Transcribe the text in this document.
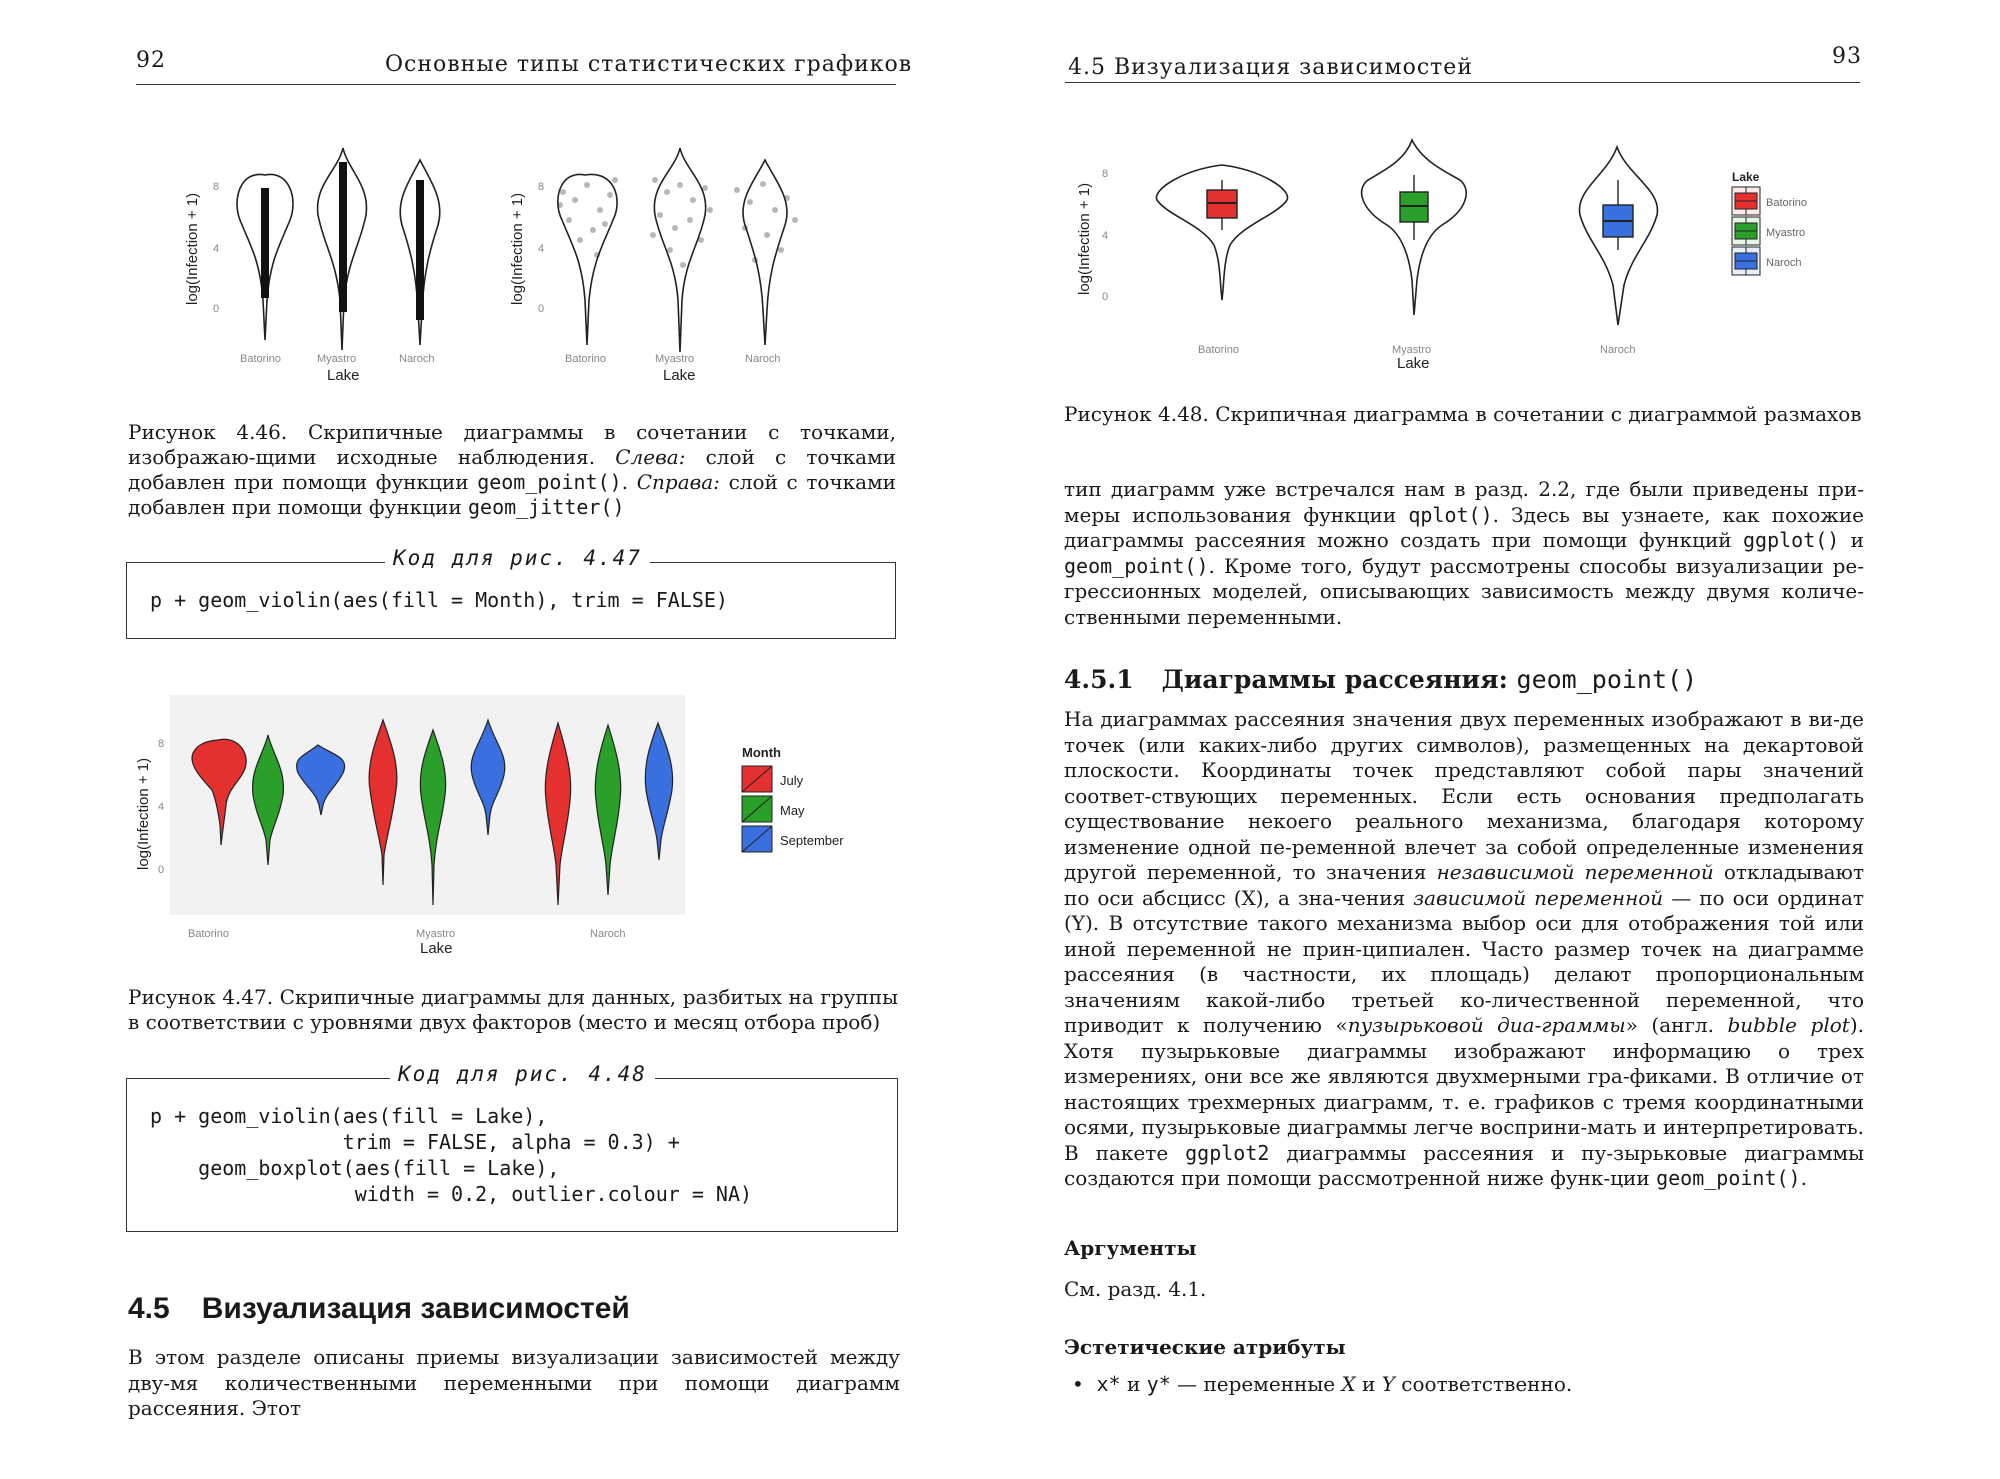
92	Основные типы статистических графиков
log(Infection + 1)
8
4
0
Batorino	Myastro	Naroch
Lake
log(Infection + 1)
8
4
0
Batorino	Myastro	Naroch
Lake
Рисунок 4.46. Скрипичные диаграммы в сочетании с точками, изображаю-щими исходные наблюдения. Слева: слой с точками добавлен при помощи функции geom_point(). Справа: слой с точками добавлен при помощи функции geom_jitter()
Код для рис. 4.47
p + geom_violin(aes(fill = Month), trim = FALSE)
log(Infection + 1)
8
4
0
Batorino	Myastro	Naroch
Lake
Month
July
May
September
Рисунок 4.47. Скрипичные диаграммы для данных, разбитых на группы в соответствии с уровнями двух факторов (место и месяц отбора проб)
Код для рис. 4.48
p + geom_violin(aes(fill = Lake),
trim = FALSE, alpha = 0.3) +
geom_boxplot(aes(fill = Lake),
width = 0.2, outlier.colour = NA)
4.5 Визуализация зависимостей
В этом разделе описаны приемы визуализации зависимостей между дву-мя количественными переменными при помощи диаграмм рассеяния. Этот
4.5 Визуализация зависимостей	93
log(Infection + 1)
8
4
0
Batorino	Myastro	Naroch
Lake
Lake
Batorino
Myastro
Naroch
Рисунок 4.48. Скрипичная диаграмма в сочетании с диаграммой размахов
тип диаграмм уже встречался нам в разд. 2.2, где были приведены при-меры использования функции qplot(). Здесь вы узнаете, как похожие диаграммы рассеяния можно создать при помощи функций ggplot() и geom_point(). Кроме того, будут рассмотрены способы визуализации ре-грессионных моделей, описывающих зависимость между двумя количе-ственными переменными.
4.5.1 Диаграммы рассеяния: geom_point()
На диаграммах рассеяния значения двух переменных изображают в ви-де точек (или каких-либо других символов), размещенных на декартовой плоскости. Координаты точек представляют собой пары значений соответ-ствующих переменных. Если есть основания предполагать существование некоего реального механизма, благодаря которому изменение одной пе-ременной влечет за собой определенные изменения другой переменной, то значения независимой переменной откладывают по оси абсцисс (X), а зна-чения зависимой переменной — по оси ординат (Y). В отсутствие такого механизма выбор оси для отображения той или иной переменной не прин-ципиален. Часто размер точек на диаграмме рассеяния (в частности, их площадь) делают пропорциональным значениям какой-либо третьей ко-личественной переменной, что приводит к получению «пузырьковой диа-граммы» (англ. bubble plot). Хотя пузырьковые диаграммы изображают информацию о трех измерениях, они все же являются двухмерными гра-фиками. В отличие от настоящих трехмерных диаграмм, т. е. графиков с тремя координатными осями, пузырьковые диаграммы легче восприни-мать и интерпретировать. В пакете ggplot2 диаграммы рассеяния и пу-зырьковые диаграммы создаются при помощи рассмотренной ниже функ-ции geom_point().
Аргументы
См. разд. 4.1.
Эстетические атрибуты
•  x* и y* — переменные X и Y соответственно.
